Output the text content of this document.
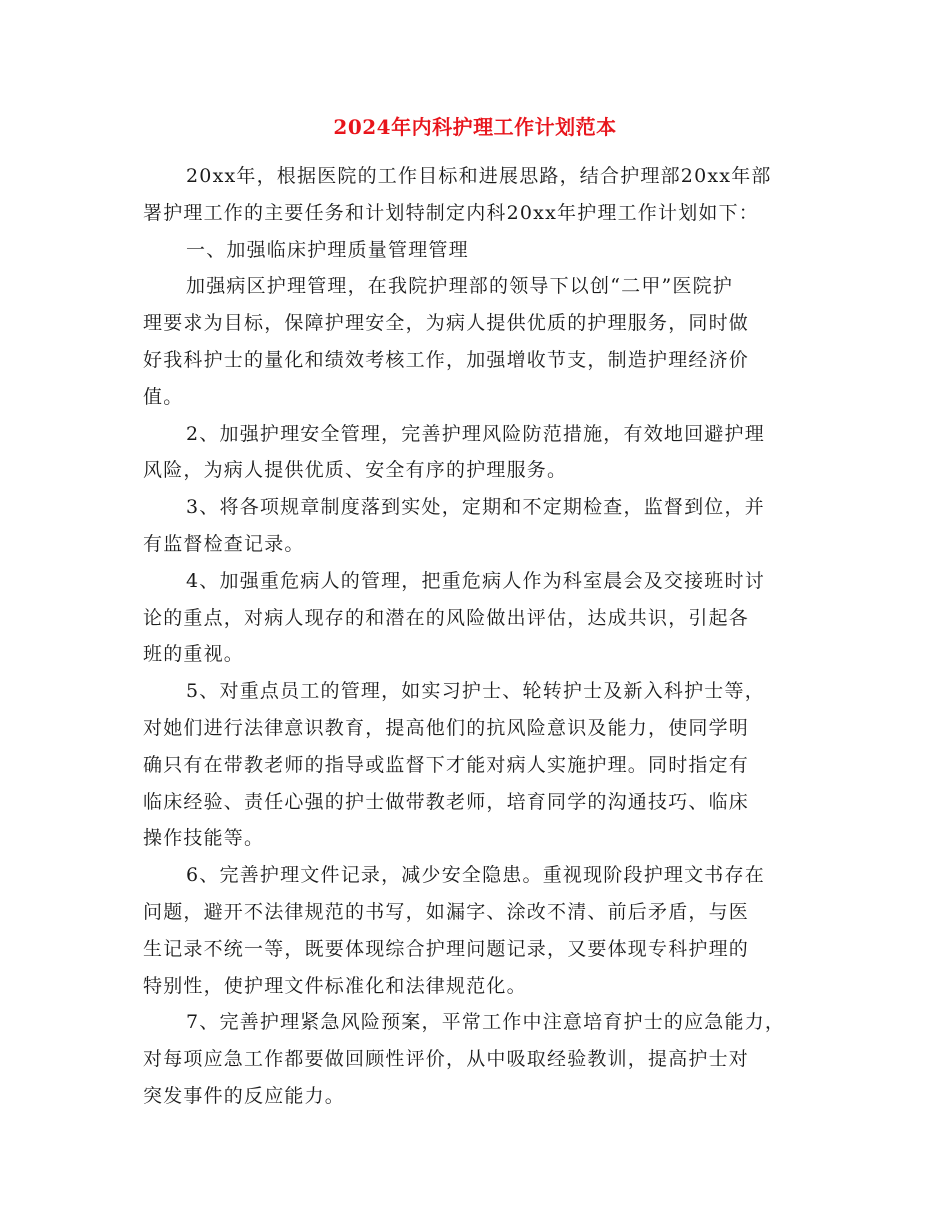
2024年内科护理工作计划范本
20xx年，根据医院的工作目标和进展思路，结合护理部20xx年部
署护理工作的主要任务和计划特制定内科20xx年护理工作计划如下：
一、加强临床护理质量管理管理
加强病区护理管理，在我院护理部的领导下以创“二甲”医院护
理要求为目标，保障护理安全，为病人提供优质的护理服务，同时做
好我科护士的量化和绩效考核工作，加强增收节支，制造护理经济价
值。
2、加强护理安全管理，完善护理风险防范措施，有效地回避护理
风险，为病人提供优质、安全有序的护理服务。
3、将各项规章制度落到实处，定期和不定期检查，监督到位，并
有监督检查记录。
4、加强重危病人的管理，把重危病人作为科室晨会及交接班时讨
论的重点，对病人现存的和潜在的风险做出评估，达成共识，引起各
班的重视。
5、对重点员工的管理，如实习护士、轮转护士及新入科护士等，
对她们进行法律意识教育，提高他们的抗风险意识及能力，使同学明
确只有在带教老师的指导或监督下才能对病人实施护理。同时指定有
临床经验、责任心强的护士做带教老师，培育同学的沟通技巧、临床
操作技能等。
6、完善护理文件记录，减少安全隐患。重视现阶段护理文书存在
问题，避开不法律规范的书写，如漏字、涂改不清、前后矛盾，与医
生记录不统一等，既要体现综合护理问题记录，又要体现专科护理的
特别性，使护理文件标准化和法律规范化。
7、完善护理紧急风险预案，平常工作中注意培育护士的应急能力，
对每项应急工作都要做回顾性评价，从中吸取经验教训，提高护士对
突发事件的反应能力。
